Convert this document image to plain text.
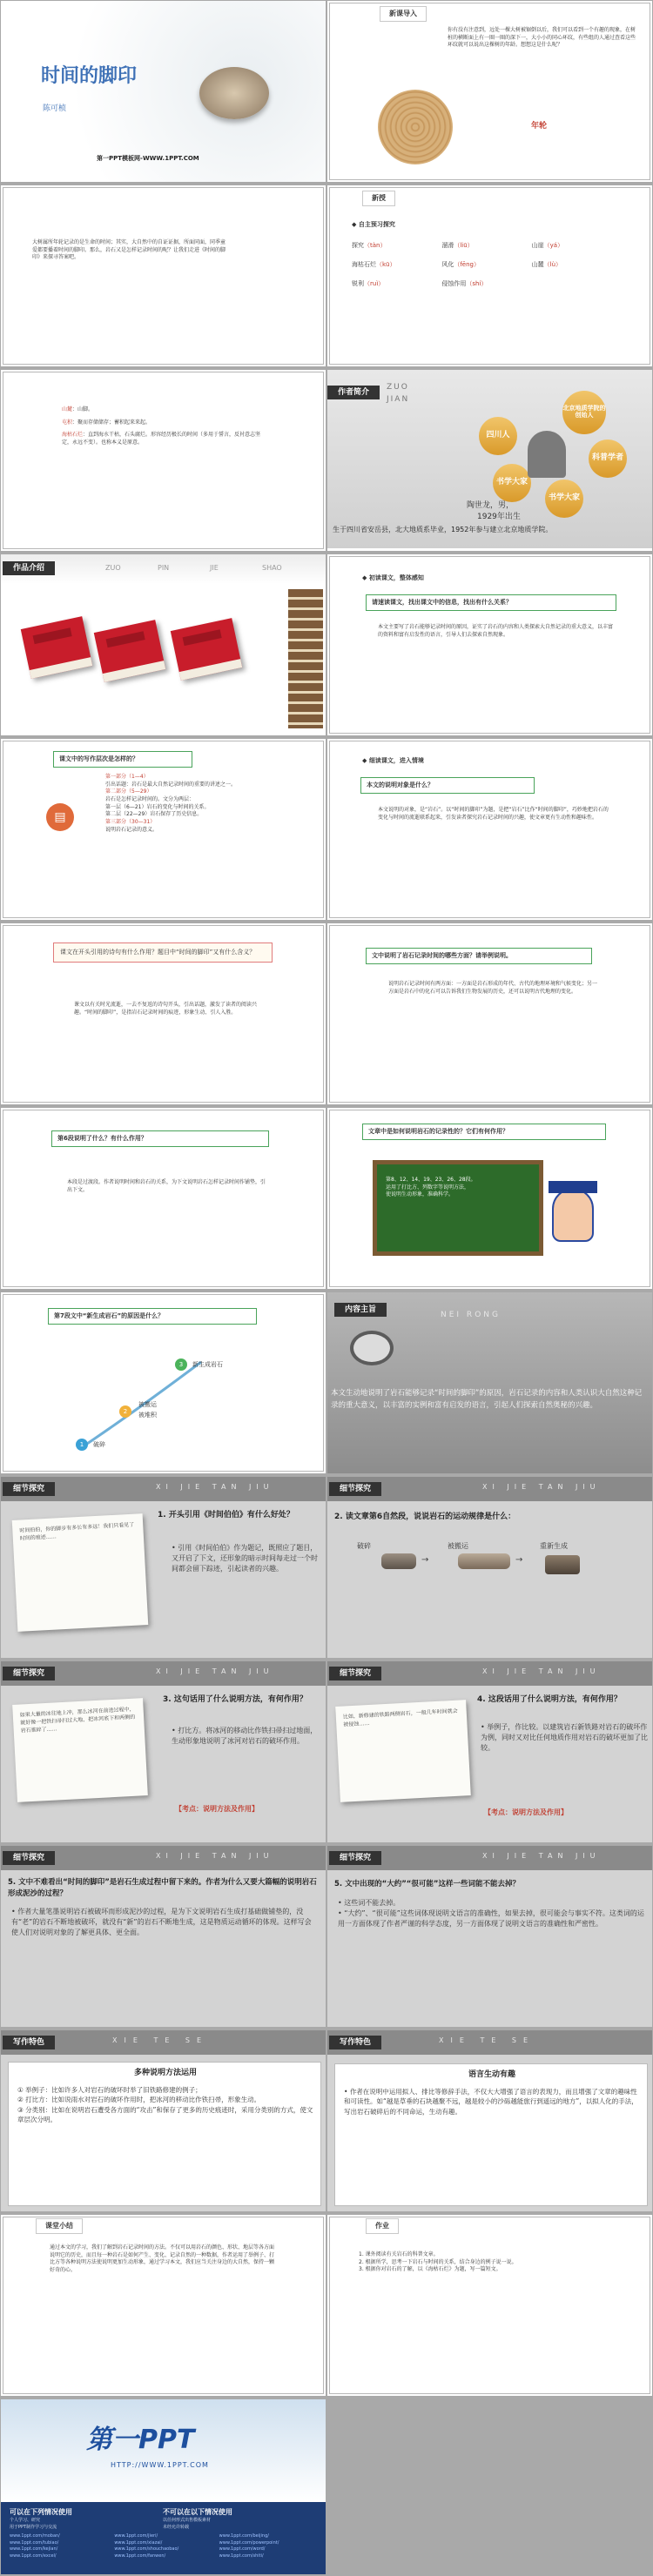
时间的脚印
陈可桢
第一PPT模板网-WWW.1PPT.COM
新课导入
你有没有注意到，远处一棵大树被锯倒以后，我们可以看到一个有趣的现象，在树桩的横断面上有一圈一圈的深下一，大小小的同心环纹，有些组的人通过查看这些环纹就可以说出这棵树的年龄。想想这是什么呢？
年轮
大树属所年轮记录的是生命的时间；其实，大自然中的自证证据，所面同面，同季童爱都要播着时间的脚印。那么，岩石又是怎样记录时间的呢？让我们走进《时间的脚印》来探寻答案吧。
新授
◆ 自主预习探究
探究（tàn）	溜滑（liū）	山崖（yá）
海枯石烂（kū）	风化（fēng）	山麓（lù）
锐利（ruì）	侵蚀作用（shí）
山麓：山脚。
屯积：聚而存储储存；蓄积起来来起。
海枯石烂：直到海水干枯，石头腐烂。形容经历极长的时间（多用于誓言，反衬意志坚定，永远不变）。也称本义是原意。
作者简介
ZUO JIAN
四川人
北京地质学院的创始人
科普学者
书学大家
书学大家
陶世龙，男，
1929年出生
生于四川省安岳县，北大地质系毕业，1952年参与建立北京地质学院。
作品介绍	ZUO	PIN	JIE	SHAO
◆ 初读课文，整体感知
请速读课文，找出课文中的信息，找出有什么关系？
本文主要写了岩石能够记录时间的原因，证实了岩石的内容和人类探索大自然记录的重大意义，以丰富的资料和富有启发性的语言，引导人们去探索自然现象。
课文中的写作层次是怎样的？
▤
第一部分（1—4）
引出话题：岩石是最大自然记录时间的重要的讲述之一。
第二部分（5—29）
岩石是怎样记录时间的。文分为两层：
第一层（6—21）岩石的变化与时间的关系。
第二层（22—29）岩石保存了历史信息。
第三部分（30—31）
说明岩石记录的意义。
◆ 细读课文，进入情境
本文的说明对象是什么？
本文说明的对象，是“岩石”。以“时间的脚印”为题，是把“岩石”比作“时间的脚印”，巧妙地把岩石的变化与时间的流逝联系起来，引发读者探究岩石记录时间的兴趣，使文章更有生动性和趣味性。
课文在开头引用的诗句有什么作用？题目中“时间的脚印”又有什么含义？
课文以有关时光流逝，一去不复返的诗句开头，引出话题，激发了读者的阅读兴趣。“时间的脚印”，是指岩石记录时间的痕迹，形象生动、引人入胜。
文中说明了岩石记录时间的哪些方面？请举例说明。
说明岩石记录时间有两方面：一方面是岩石形成的年代、古代的地理环境和气候变化；另一方面是岩石中的化石可以告诉我们生物发展的历史，还可以说明古代地理的变化。
第6段说明了什么？有什么作用？
本段是过渡段。作者说明时间和岩石的关系，为下文说明岩石怎样记录时间作铺垫，引出下文。
文章中是如何说明岩石的记录性的？它们有何作用？
第8、12、14、19、23、26、28段。
运用了打比方、列数字等说明方法，
使说明生动形象，准确科学。
第7段文中“新生成岩石”的原因是什么？
1	破碎
2
被搬运
被堆积
3	新生成岩石
内容主旨
NEI RONG
本文生动地说明了岩石能够记录“时间的脚印”的原因，岩石记录的内容和人类认识大自然这种记录的重大意义，以丰富的实例和富有启发的语言，引起人们探索自然奥秘的兴趣。
细节探究	XI JIE TAN JIU
时间伯伯，你的脚步有多长有多远！我们只看见了时间的痕迹……
1. 开头引用《时间伯伯》有什么好处？
• 引用《时间伯伯》作为题记，既照应了题目，又开启了下文，还形象的暗示时间每走过一个时间都会留下踪迹，引起读者的兴趣。
细节探究	XI JIE TAN JIU
2. 读文章第6自然段，说说岩石的运动规律是什么：
破碎
→
被搬运
→
重新生成
细节探究	XI JIE TAN JIU
如果大量的冰往地上冲，那么冰河在前进过程中，就好像一把铁扫帚扫过大地，把冰河底下和两侧的岩石推碎了……
3. 这句话用了什么说明方法，有何作用？
• 打比方。将冰河的移动比作铁扫帚扫过地面，生动形象地说明了冰河对岩石的破坏作用。
【考点：说明方法及作用】
细节探究	XI JIE TAN JIU
比如，新修建的铁路两侧岩石，一般几年时间就会被侵蚀……
4. 这段话用了什么说明方法，有何作用？
• 举例子，作比较。以建筑岩石新铁路对岩石的破坏作为例，同时又对比任何地质作用对岩石的破坏更加了比较。
【考点：说明方法及作用】
细节探究	XI JIE TAN JIU
5. 文中不难看出“时间的脚印”是岩石生成过程中留下来的。作者为什么又要大篇幅的说明岩石形成泥沙的过程？
• 作者大量笔墨说明岩石被破坏而形成泥沙的过程，是为下文说明岩石生成打基础做铺垫的，没有“老”的岩石不断地被破坏，就没有“新”的岩石不断地生成，这是物质运动循环的体现。这样写会使人们对说明对象的了解更具体、更全面。
细节探究	XI JIE TAN JIU
5. 文中出现的“大约”“很可能”这样一些词能不能去掉？
• 这些词不能去掉。
• “大约”、“很可能”这些词体现说明文语言的准确性，如果去掉，很可能会与事实不符。这类词的运用一方面体现了作者严谨的科学态度，另一方面体现了说明文语言的准确性和严密性。
写作特色	XIE TE SE
多种说明方法运用
① 举例子：比如许多人对岩石的破坏时举了旧铁路修建的例子；
② 打比方：比如说雨水对岩石的破坏作用时，把冰河的移动比作铁扫帚，形象生动。
③ 分类别：比如在说明岩石遭受各方面的“攻击”和保存了更多的历史痕迹时，采用分类别的方式，使文章层次分明。
写作特色	XIE TE SE
语言生动有趣
• 作者在说明中运用拟人、排比等修辞手法，不仅大大增强了语言的表现力，而且增强了文章的趣味性和可读性。如“越是草垂的石块越聚不远，越是较小的沙砾越能旅行到遥远的地方”，以拟人化的手法，写出岩石破碎后的不同命运，生动有趣。
课堂小结
通过本文的学习，我们了解到岩石记录时间的方法。不仅可以用岩石的颜色、形状、地层等各方面说明它的历史，而且每一种岩石是如何产生、变化、记录自然的一种数据，作者运用了举例子、打比方等各种说明方法使说明更加生动形象，通过学习本文，我们应当关注身边的大自然，保持一颗好奇的心。
作业
1. 课外阅读有关岩石的科普文章。
2. 根据所学，思考一下岩石与时间的关系，结合身边的例子说一说。
3. 根据你对岩石的了解，以《海枯石烂》为题，写一篇短文。
第一PPT
HTTP://WWW.1PPT.COM
可以在下列情况使用	不可以在以下情况使用
个人学习、研究
用于PPT制作学习与交流
以任何形式出售模板素材
未经允许转载
www.1ppt.com/moban/	www.1ppt.com/jieri/	www.1ppt.com/beijing/
www.1ppt.com/tubiao/	www.1ppt.com/xiazai/	www.1ppt.com/powerpoint/
www.1ppt.com/kejian/	www.1ppt.com/shouchaobao/	www.1ppt.com/word/
www.1ppt.com/excel/	www.1ppt.com/fanwen/	www.1ppt.com/shiti/
